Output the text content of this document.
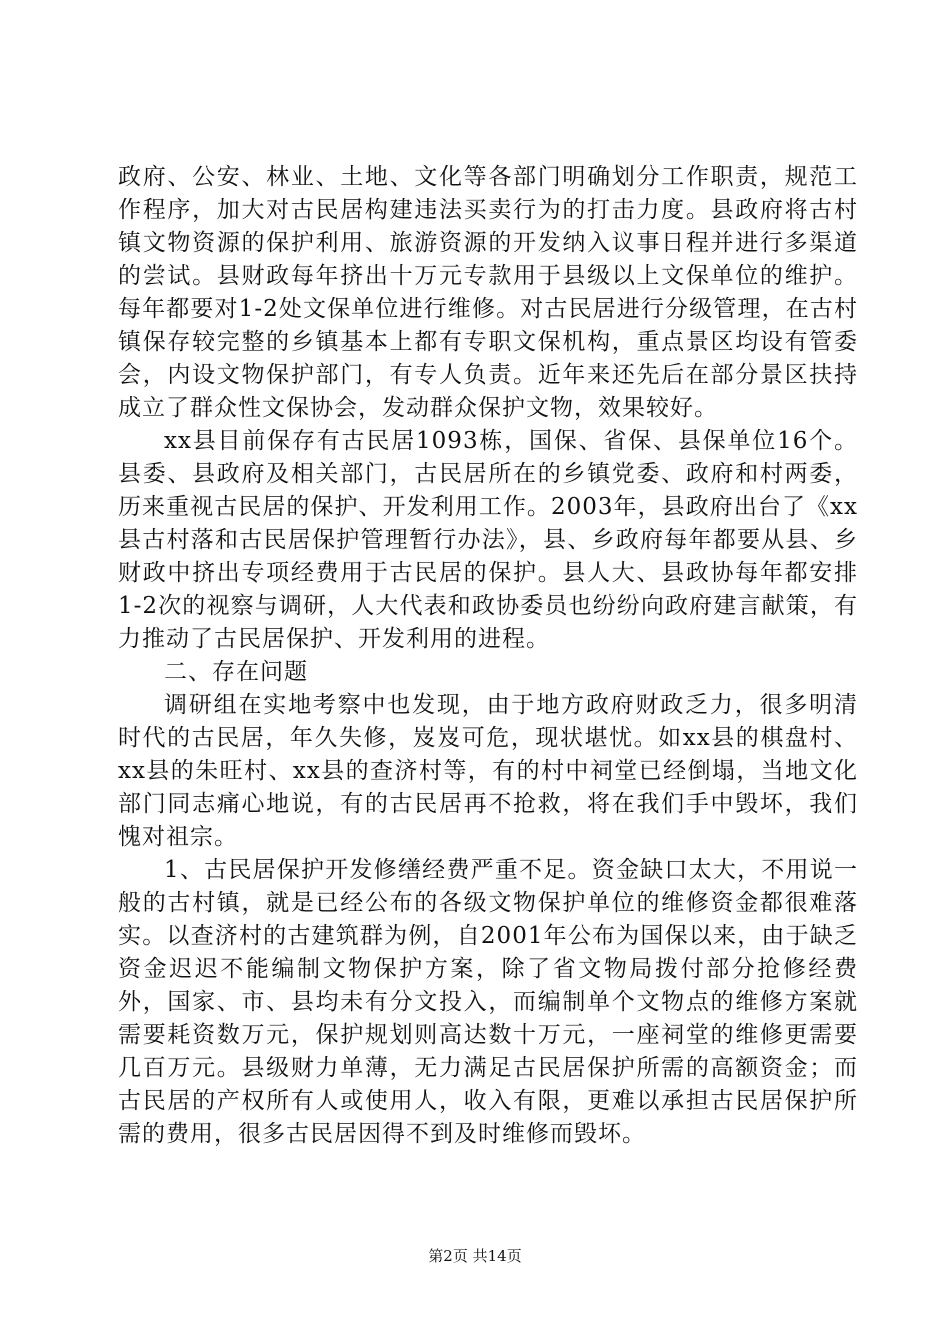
政府、公安、林业、土地、文化等各部门明确划分工作职责，规范工作程序，加大对古民居构建违法买卖行为的打击力度。县政府将古村镇文物资源的保护利用、旅游资源的开发纳入议事日程并进行多渠道的尝试。县财政每年挤出十万元专款用于县级以上文保单位的维护。每年都要对1-2处文保单位进行维修。对古民居进行分级管理，在古村镇保存较完整的乡镇基本上都有专职文保机构，重点景区均设有管委会，内设文物保护部门，有专人负责。近年来还先后在部分景区扶持成立了群众性文保协会，发动群众保护文物，效果较好。

xx县目前保存有古民居1093栋，国保、省保、县保单位16个。县委、县政府及相关部门，古民居所在的乡镇党委、政府和村两委，历来重视古民居的保护、开发利用工作。2003年，县政府出台了《xx县古村落和古民居保护管理暂行办法》，县、乡政府每年都要从县、乡财政中挤出专项经费用于古民居的保护。县人大、县政协每年都安排1-2次的视察与调研，人大代表和政协委员也纷纷向政府建言献策，有力推动了古民居保护、开发利用的进程。

二、存在问题

调研组在实地考察中也发现，由于地方政府财政乏力，很多明清时代的古民居，年久失修，岌岌可危，现状堪忧。如xx县的棋盘村、xx县的朱旺村、xx县的查济村等，有的村中祠堂已经倒塌，当地文化部门同志痛心地说，有的古民居再不抢救，将在我们手中毁坏，我们愧对祖宗。

1、古民居保护开发修缮经费严重不足。资金缺口太大，不用说一般的古村镇，就是已经公布的各级文物保护单位的维修资金都很难落实。以查济村的古建筑群为例，自2001年公布为国保以来，由于缺乏资金迟迟不能编制文物保护方案，除了省文物局拨付部分抢修经费外，国家、市、县均未有分文投入，而编制单个文物点的维修方案就需要耗资数万元，保护规划则高达数十万元，一座祠堂的维修更需要几百万元。县级财力单薄，无力满足古民居保护所需的高额资金；而古民居的产权所有人或使用人，收入有限，更难以承担古民居保护所需的费用，很多古民居因得不到及时维修而毁坏。

第2页 共14页
